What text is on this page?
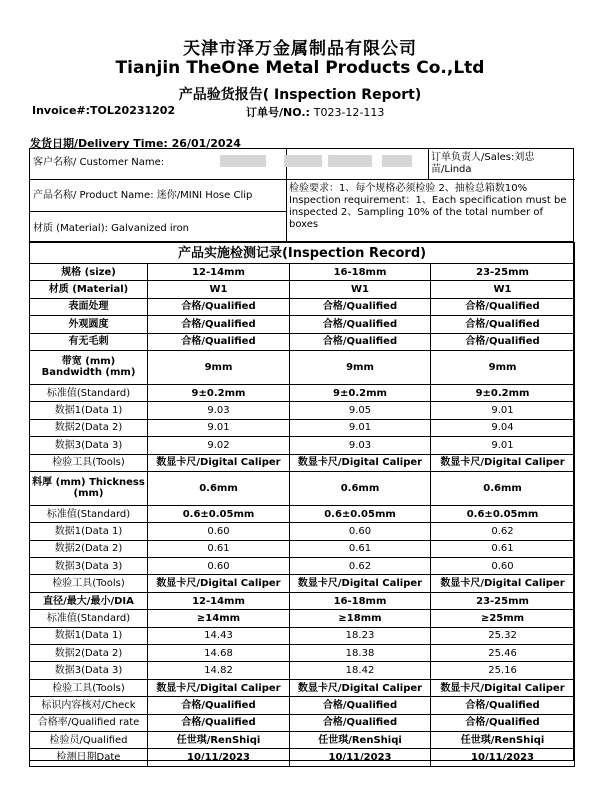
天津市泽万金属制品有限公司
Tianjin TheOne Metal Products Co.,Ltd
产品验货报告( Inspection Report)
Invoice#:TOL20231202	订单号/NO.: T023-12-113
发货日期/Delivery Time: 26/01/2024
客户名称/ Customer Name:	订单负责人/Sales:刘忠苗/Linda
产品名称/ Product Name: 迷你/MINI Hose Clip
材质 (Material): Galvanized iron
检验要求：1、每个规格必须检验 2、抽检总箱数10% Inspection requirement：1、Each specification must be inspected 2、Sampling 10% of the total number of boxes
产品实施检测记录(Inspection Record)			
规格 (size)	12-14mm	16-18mm	23-25mm
材质 (Material)	W1	W1	W1
表面处理	合格/Qualified	合格/Qualified	合格/Qualified
外观圆度	合格/Qualified	合格/Qualified	合格/Qualified
有无毛刺	合格/Qualified	合格/Qualified	合格/Qualified
带宽 (mm) Bandwidth (mm)	9mm	9mm	9mm
标准值(Standard)	9±0.2mm	9±0.2mm	9±0.2mm
数据1(Data 1)	9.03	9.05	9.01
数据2(Data 2)	9.01	9.01	9.04
数据3(Data 3)	9.02	9.03	9.01
检验工具(Tools)	数显卡尺/Digital Caliper	数显卡尺/Digital Caliper	数显卡尺/Digital Caliper
料厚 (mm) Thickness (mm)	0.6mm	0.6mm	0.6mm
标准值(Standard)	0.6±0.05mm	0.6±0.05mm	0.6±0.05mm
数据1(Data 1)	0.60	0.60	0.62
数据2(Data 2)	0.61	0.61	0.61
数据3(Data 3)	0.60	0.62	0.60
检验工具(Tools)	数显卡尺/Digital Caliper	数显卡尺/Digital Caliper	数显卡尺/Digital Caliper
直径/最大/最小/DIA	12-14mm	16-18mm	23-25mm
标准值(Standard)	≥14mm	≥18mm	≥25mm
数据1(Data 1)	14.43	18.23	25.32
数据2(Data 2)	14.68	18.38	25.46
数据3(Data 3)	14.82	18.42	25.16
检验工具(Tools)	数显卡尺/Digital Caliper	数显卡尺/Digital Caliper	数显卡尺/Digital Caliper
标识内容核对/Check	合格/Qualified	合格/Qualified	合格/Qualified
合格率/Qualified rate	合格/Qualified	合格/Qualified	合格/Qualified
检验员/Qualified	任世琪/RenShiqi	任世琪/RenShiqi	任世琪/RenShiqi
检测日期Date	10/11/2023	10/11/2023	10/11/2023
